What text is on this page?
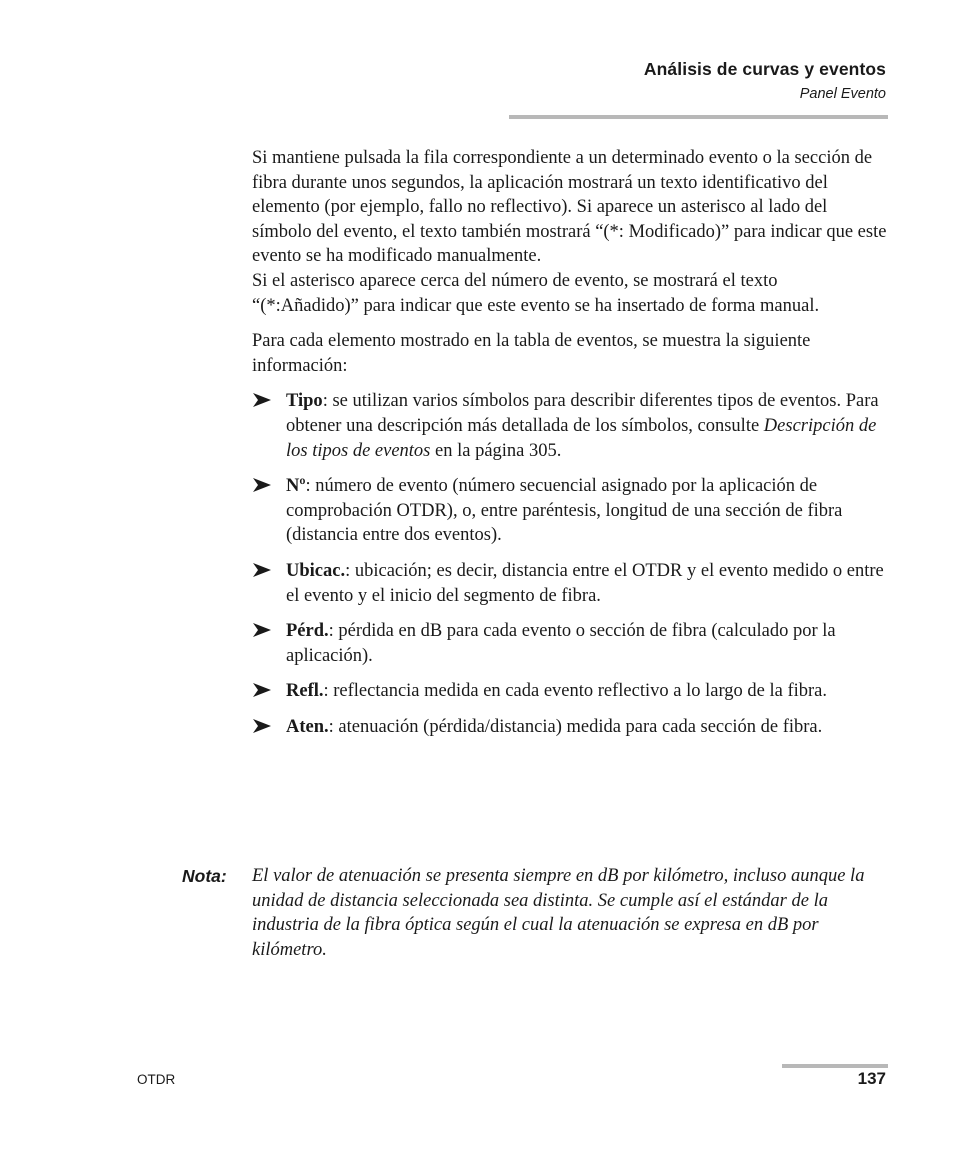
Análisis de curvas y eventos
Panel Evento

Si mantiene pulsada la fila correspondiente a un determinado evento o la sección de fibra durante unos segundos, la aplicación mostrará un texto identificativo del elemento (por ejemplo, fallo no reflectivo). Si aparece un asterisco al lado del símbolo del evento, el texto también mostrará “(*: Modificado)” para indicar que este evento se ha modificado manualmente.

Si el asterisco aparece cerca del número de evento, se mostrará el texto “(*:Añadido)” para indicar que este evento se ha insertado de forma manual.

Para cada elemento mostrado en la tabla de eventos, se muestra la siguiente información:

Tipo: se utilizan varios símbolos para describir diferentes tipos de eventos. Para obtener una descripción más detallada de los símbolos, consulte Descripción de los tipos de eventos en la página 305.
Nº: número de evento (número secuencial asignado por la aplicación de comprobación OTDR), o, entre paréntesis, longitud de una sección de fibra (distancia entre dos eventos).
Ubicac.: ubicación; es decir, distancia entre el OTDR y el evento medido o entre el evento y el inicio del segmento de fibra.
Pérd.: pérdida en dB para cada evento o sección de fibra (calculado por la aplicación).
Refl.: reflectancia medida en cada evento reflectivo a lo largo de la fibra.
Aten.: atenuación (pérdida/distancia) medida para cada sección de fibra.
Nota: El valor de atenuación se presenta siempre en dB por kilómetro, incluso aunque la unidad de distancia seleccionada sea distinta. Se cumple así el estándar de la industria de la fibra óptica según el cual la atenuación se expresa en dB por kilómetro.
OTDR	137
